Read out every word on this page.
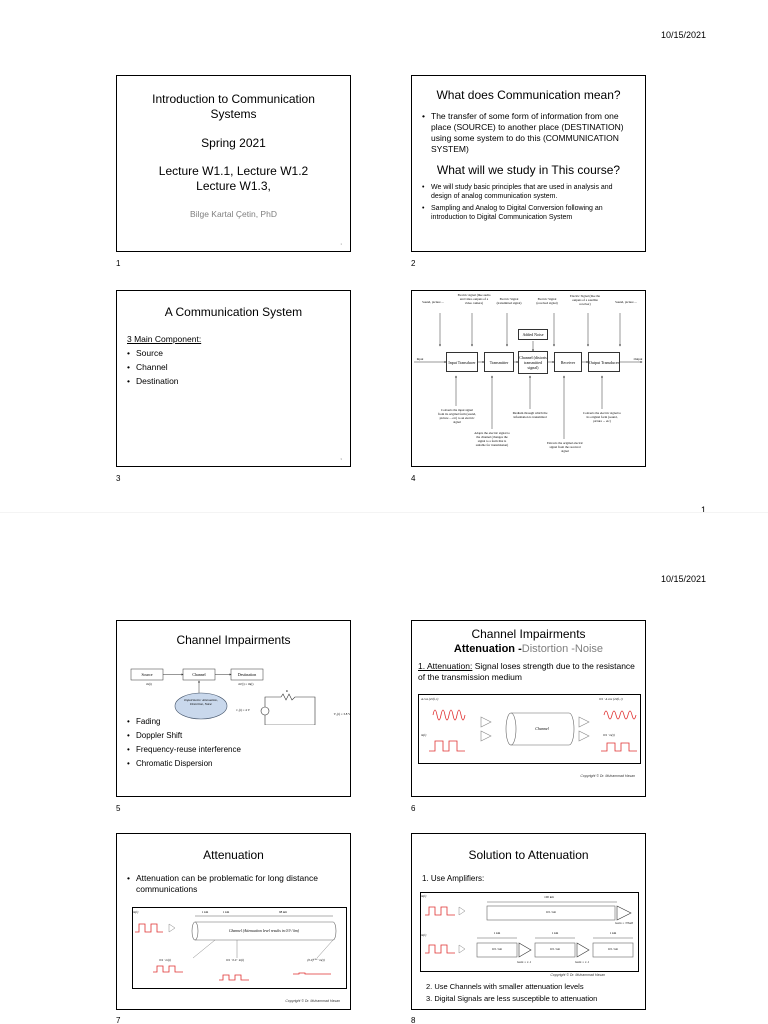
10/15/2021
Introduction to Communication Systems
Spring 2021
Lecture W1.1, Lecture W1.2 Lecture W1.3,
Bilge Kartal Çetin, PhD
1
1
What does Communication mean?
• The transfer of some form of information from one place (SOURCE) to another place (DESTINATION) using some system to do this (COMMUNICATION SYSTEM)
What will we study in This course?
• We will study basic principles that are used in analysis and design of analog communication system.
• Sampling and Analog to Digital Conversion following an introduction to Digital Communication System
2
A Communication System
3 Main Component:
• Source
• Channel
• Destination
3
3
Sound, picture ...
Electric signal (like audio and video outputs of a video camera)
Electric Signal (transmitted signal)
Electric Signal (received signal)
Electric Signal (like the outputs of a satellite receiver)	Sound, picture ...
Added Noise
Input	Output
Input Transducer	Transmitter
Channel (distorts transmitted signal)
Receiver	Output Transducer
Converts the input signal from its original form (sound, picture ... etc) to an electric signal
Adapts the electric signal to the channel (changes the signal to a form that is suitable for transmission)
Medium through which the information is transmitted
Extracts the original electric signal from the received signal
Converts the electric signal to its original form (sound, picture ... etc)
4
1
10/15/2021
Channel Impairments
Source	Channel	Destination
m(t)	m'(t) = m(t)
Impairments: Attenuation, Distortion, Noise
v₁(t) = 4 V
V₂(t) = 3.8 V
R
• Fading
• Doppler Shift
• Frequency-reuse interference
• Chromatic Dispersion
5
Channel Impairments
Attenuation -Distortion -Noise
1. Attenuation: Signal loses strength due to the resistance of the transmission medium
A cos (2πft, t)	0.9 · A cos (2πft, t)
m(t)	0.9 · m(t)
Channel
Copyright © Dr. Muhammad Hasan
6
Attenuation
• Attenuation can be problematic for long distance communications
m(t)	1 km	1 km	98 km
Channel (Attenuation level results in 0.9 / km)
0.9 · m(t)	0.9 · 0.9 · m(t)	(0.9)¹⁰⁰ · m(t)
Copyright © Dr. Muhammad Hasan
7
Solution to Attenuation
1. Use Amplifiers:
m(t)	100 km
0.9 / km
Gain = 37k46
m(t)	1 km	1 km	1 km
0.9 / km	0.9 / km	0.9 / km
Gain = 1.1	Gain = 1.1
Copyright © Dr. Muhammad Hasan
2. Use Channels with smaller attenuation levels
3. Digital Signals are less susceptible to attenuation
8
